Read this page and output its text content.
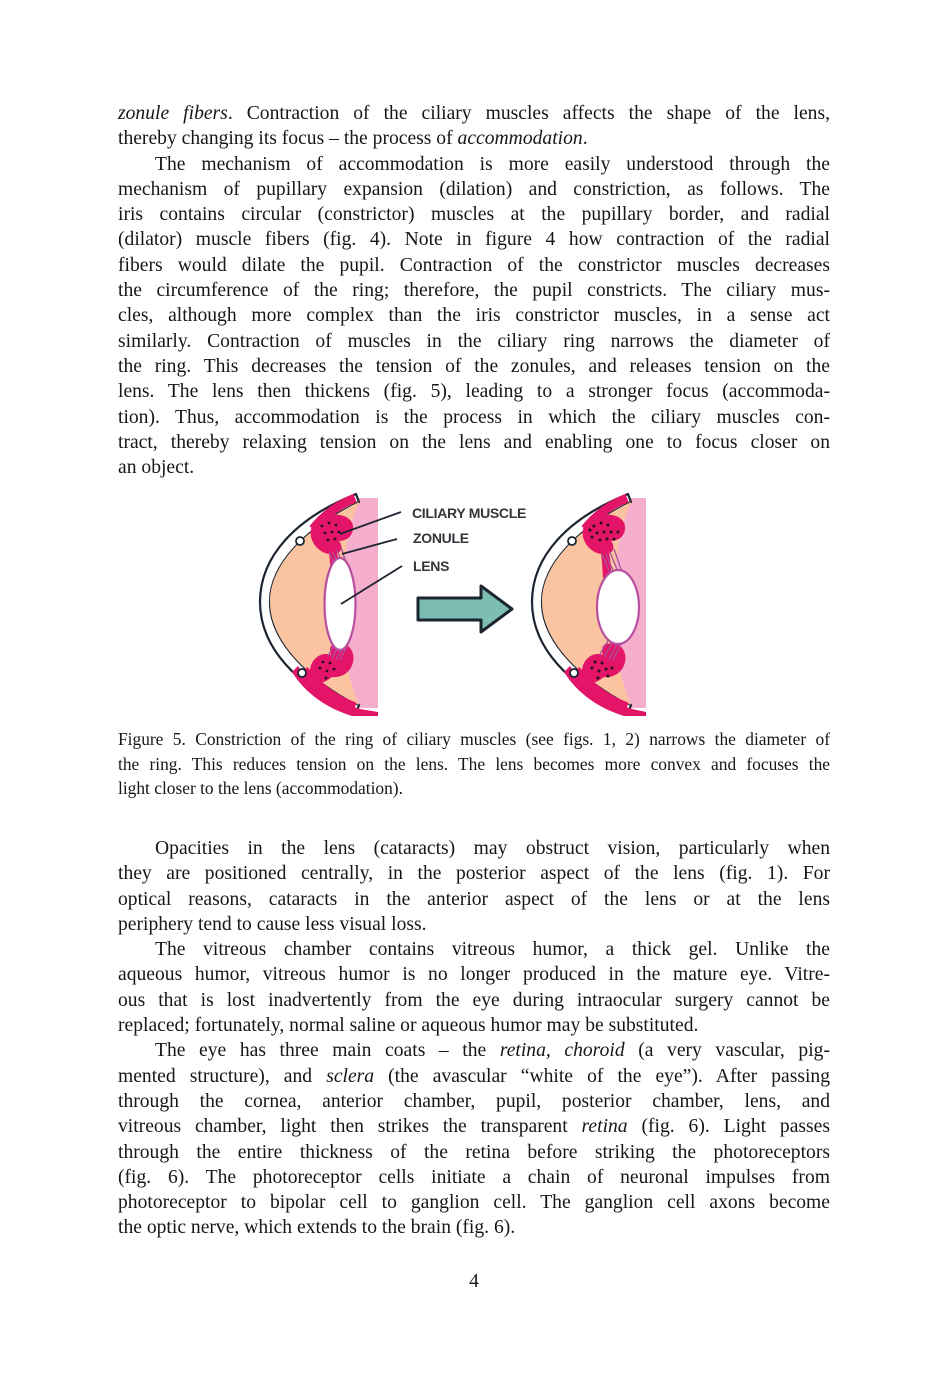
zonule fibers. Contraction of the ciliary muscles affects the shape of the lens,
thereby changing its focus – the process of accommodation.
The mechanism of accommodation is more easily understood through the
mechanism of pupillary expansion (dilation) and constriction, as follows. The
iris contains circular (constrictor) muscles at the pupillary border, and radial
(dilator) muscle fibers (fig. 4). Note in figure 4 how contraction of the radial
fibers would dilate the pupil. Contraction of the constrictor muscles decreases
the circumference of the ring; therefore, the pupil constricts. The ciliary mus-
cles, although more complex than the iris constrictor muscles, in a sense act
similarly. Contraction of muscles in the ciliary ring narrows the diameter of
the ring. This decreases the tension of the zonules, and releases tension on the
lens. The lens then thickens (fig. 5), leading to a stronger focus (accommoda-
tion). Thus, accommodation is the process in which the ciliary muscles con-
tract, thereby relaxing tension on the lens and enabling one to focus closer on
an object.
CILIARY MUSCLE
ZONULE
LENS
Figure 5. Constriction of the ring of ciliary muscles (see figs. 1, 2) narrows the diameter of
the ring. This reduces tension on the lens. The lens becomes more convex and focuses the
light closer to the lens (accommodation).
Opacities in the lens (cataracts) may obstruct vision, particularly when
they are positioned centrally, in the posterior aspect of the lens (fig. 1). For
optical reasons, cataracts in the anterior aspect of the lens or at the lens
periphery tend to cause less visual loss.
The vitreous chamber contains vitreous humor, a thick gel. Unlike the
aqueous humor, vitreous humor is no longer produced in the mature eye. Vitre-
ous that is lost inadvertently from the eye during intraocular surgery cannot be
replaced; fortunately, normal saline or aqueous humor may be substituted.
The eye has three main coats – the retina, choroid (a very vascular, pig-
mented structure), and sclera (the avascular “white of the eye”). After passing
through the cornea, anterior chamber, pupil, posterior chamber, lens, and
vitreous chamber, light then strikes the transparent retina (fig. 6). Light passes
through the entire thickness of the retina before striking the photoreceptors
(fig. 6). The photoreceptor cells initiate a chain of neuronal impulses from
photoreceptor to bipolar cell to ganglion cell. The ganglion cell axons become
the optic nerve, which extends to the brain (fig. 6).
4
